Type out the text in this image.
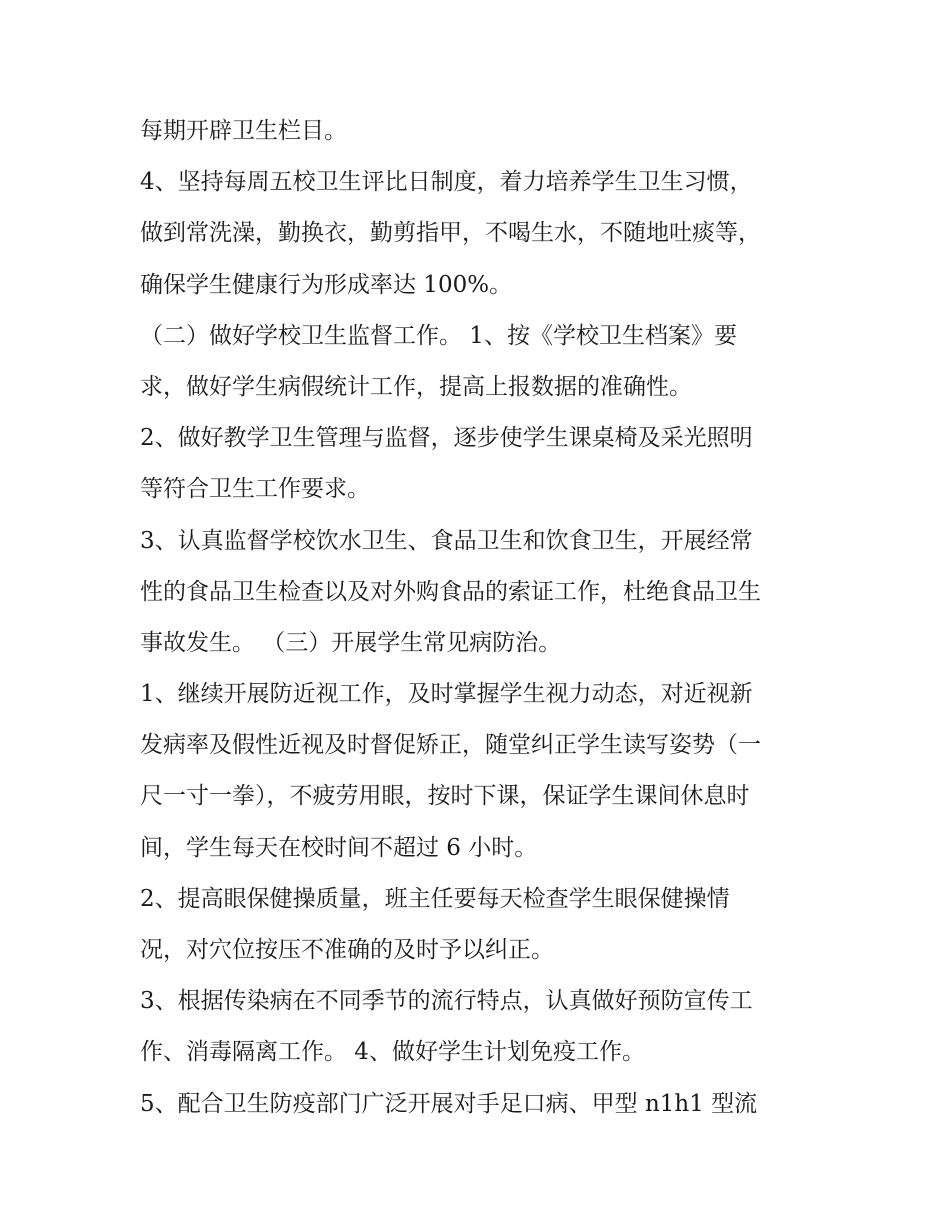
每期开辟卫生栏目。

4、坚持每周五校卫生评比日制度，着力培养学生卫生习惯，

做到常洗澡，勤换衣，勤剪指甲，不喝生水，不随地吐痰等，

确保学生健康行为形成率达 100%。

（二）做好学校卫生监督工作。 1、按《学校卫生档案》要

求，做好学生病假统计工作，提高上报数据的准确性。

2、做好教学卫生管理与监督，逐步使学生课桌椅及采光照明

等符合卫生工作要求。

3、认真监督学校饮水卫生、食品卫生和饮食卫生，开展经常

性的食品卫生检查以及对外购食品的索证工作，杜绝食品卫生

事故发生。 （三）开展学生常见病防治。

1、继续开展防近视工作，及时掌握学生视力动态，对近视新

发病率及假性近视及时督促矫正，随堂纠正学生读写姿势（一

尺一寸一拳），不疲劳用眼，按时下课，保证学生课间休息时

间，学生每天在校时间不超过 6 小时。

2、提高眼保健操质量，班主任要每天检查学生眼保健操情

况，对穴位按压不准确的及时予以纠正。

3、根据传染病在不同季节的流行特点，认真做好预防宣传工

作、消毒隔离工作。 4、做好学生计划免疫工作。

5、配合卫生防疫部门广泛开展对手足口病、甲型 n1h1 型流
